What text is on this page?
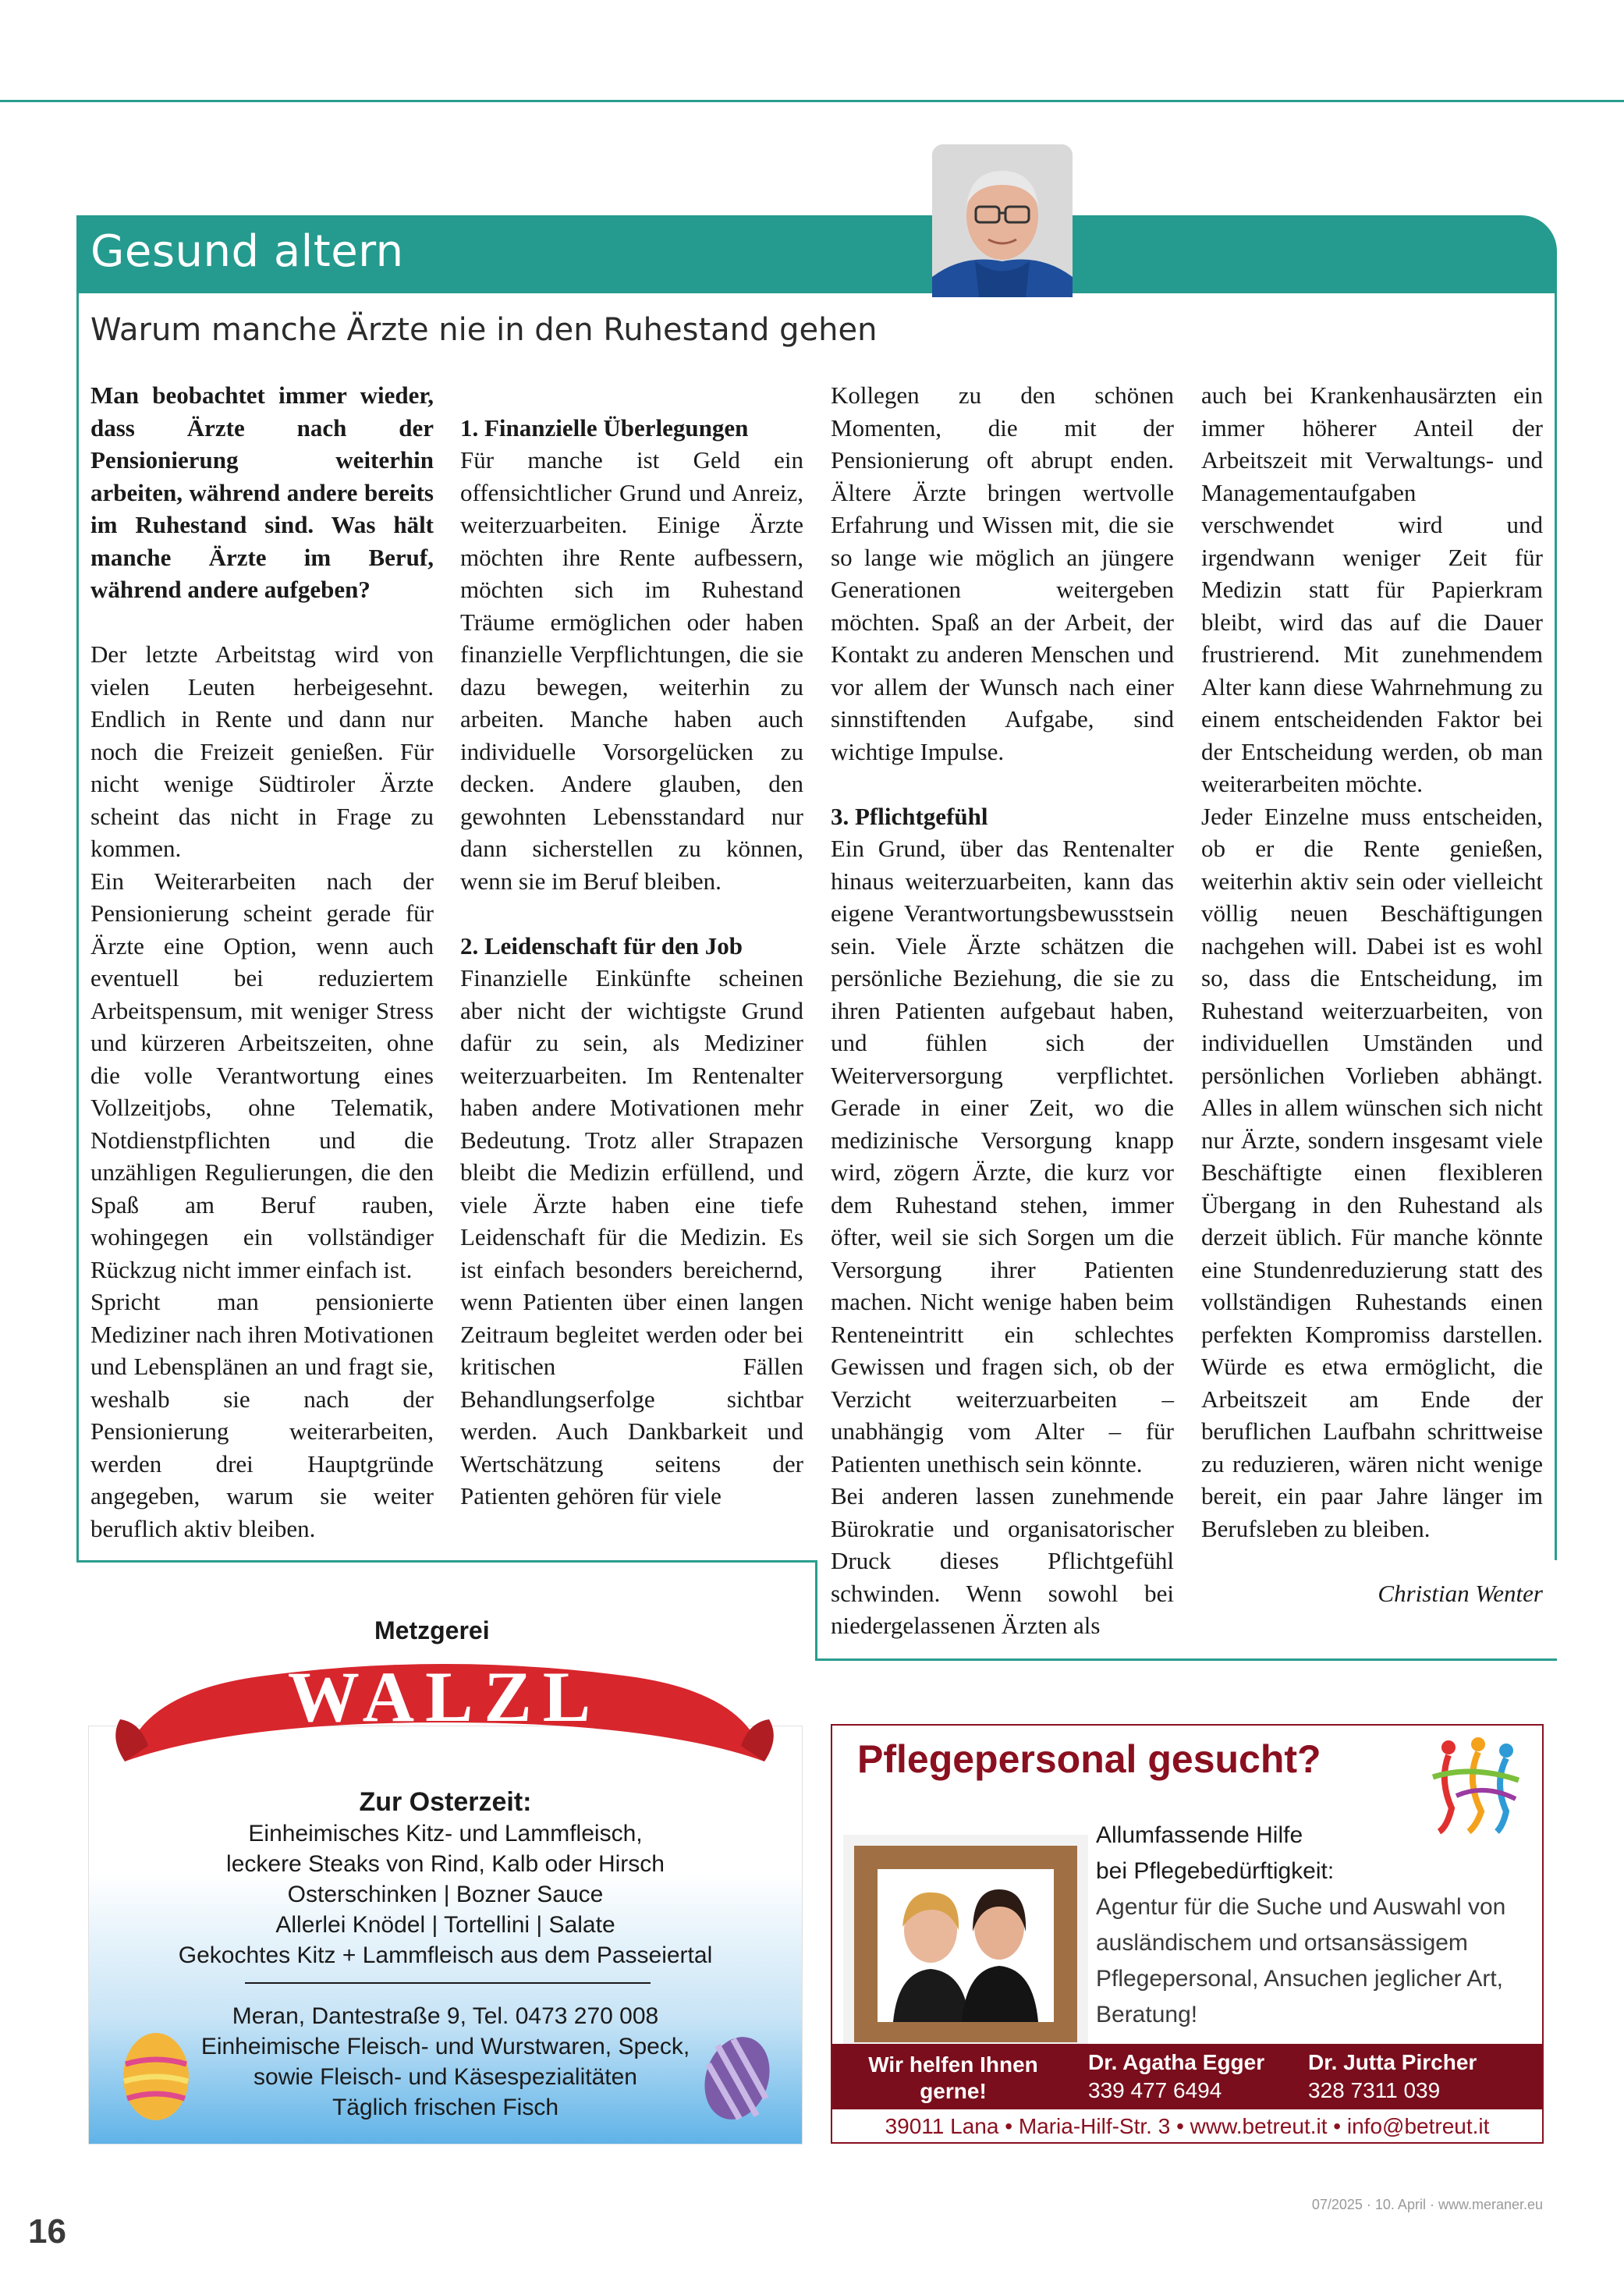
Gesund altern
Warum manche Ärzte nie in den Ruhestand gehen

Man beobachtet immer wieder, dass Ärzte nach der Pensionierung weiterhin arbeiten, während andere bereits im Ruhestand sind. Was hält manche Ärzte im Beruf, während andere aufgeben?

Der letzte Arbeitstag wird von vielen Leuten herbeigesehnt. Endlich in Rente und dann nur noch die Freizeit genießen. Für nicht wenige Südtiroler Ärzte scheint das nicht in Frage zu kommen.

Ein Weiterarbeiten nach der Pensionierung scheint gerade für Ärzte eine Option, wenn auch eventuell bei reduziertem Arbeitspensum, mit weniger Stress und kürzeren Arbeitszeiten, ohne die volle Verantwortung eines Vollzeitjobs, ohne Telematik, Notdienstpflichten und die unzähligen Regulierungen, die den Spaß am Beruf rauben, wohingegen ein vollständiger Rückzug nicht immer einfach ist.

Spricht man pensionierte Mediziner nach ihren Motivationen und Lebensplänen an und fragt sie, weshalb sie nach der Pensionierung weiterarbeiten, werden drei Hauptgründe angegeben, warum sie weiter beruflich aktiv bleiben.

1. Finanzielle Überlegungen

Für manche ist Geld ein offensichtlicher Grund und Anreiz, weiterzuarbeiten. Einige Ärzte möchten ihre Rente aufbessern, möchten sich im Ruhestand Träume ermöglichen oder haben finanzielle Verpflichtungen, die sie dazu bewegen, weiterhin zu arbeiten. Manche haben auch individuelle Vorsorgelücken zu decken. Andere glauben, den gewohnten Lebensstandard nur dann sicherstellen zu können, wenn sie im Beruf bleiben.

2. Leidenschaft für den Job

Finanzielle Einkünfte scheinen aber nicht der wichtigste Grund dafür zu sein, als Mediziner weiterzuarbeiten. Im Rentenalter haben andere Motivationen mehr Bedeutung. Trotz aller Strapazen bleibt die Medizin erfüllend, und viele Ärzte haben eine tiefe Leidenschaft für die Medizin. Es ist einfach besonders bereichernd, wenn Patienten über einen langen Zeitraum begleitet werden oder bei kritischen Fällen Behandlungserfolge sichtbar werden. Auch Dankbarkeit und Wertschätzung seitens der Patienten gehören für viele

Kollegen zu den schönen Momenten, die mit der Pensionierung oft abrupt enden. Ältere Ärzte bringen wertvolle Erfahrung und Wissen mit, die sie so lange wie möglich an jüngere Generationen weitergeben möchten. Spaß an der Arbeit, der Kontakt zu anderen Menschen und vor allem der Wunsch nach einer sinnstiftenden Aufgabe, sind wichtige Impulse.

3. Pflichtgefühl

Ein Grund, über das Rentenalter hinaus weiterzuarbeiten, kann das eigene Verantwortungsbewusstsein sein. Viele Ärzte schätzen die persönliche Beziehung, die sie zu ihren Patienten aufgebaut haben, und fühlen sich der Weiterversorgung verpflichtet. Gerade in einer Zeit, wo die medizinische Versorgung knapp wird, zögern Ärzte, die kurz vor dem Ruhestand stehen, immer öfter, weil sie sich Sorgen um die Versorgung ihrer Patienten machen. Nicht wenige haben beim Renteneintritt ein schlechtes Gewissen und fragen sich, ob der Verzicht weiterzuarbeiten – unabhängig vom Alter – für Patienten unethisch sein könnte.

Bei anderen lassen zunehmende Bürokratie und organisatorischer Druck dieses Pflichtgefühl schwinden. Wenn sowohl bei niedergelassenen Ärzten als

auch bei Krankenhausärzten ein immer höherer Anteil der Arbeitszeit mit Verwaltungs- und Managementaufgaben verschwendet wird und irgendwann weniger Zeit für Medizin statt für Papierkram bleibt, wird das auf die Dauer frustrierend. Mit zunehmendem Alter kann diese Wahrnehmung zu einem entscheidenden Faktor bei der Entscheidung werden, ob man weiterarbeiten möchte.

Jeder Einzelne muss entscheiden, ob er die Rente genießen, weiterhin aktiv sein oder vielleicht völlig neuen Beschäftigungen nachgehen will. Dabei ist es wohl so, dass die Entscheidung, im Ruhestand weiterzuarbeiten, von individuellen Umständen und persönlichen Vorlieben abhängt. Alles in allem wünschen sich nicht nur Ärzte, sondern insgesamt viele Beschäftigte einen flexibleren Übergang in den Ruhestand als derzeit üblich. Für manche könnte eine Stundenreduzierung statt des vollständigen Ruhestands einen perfekten Kompromiss darstellen. Würde es etwa ermöglicht, die Arbeitszeit am Ende der beruflichen Laufbahn schrittweise zu reduzieren, wären nicht wenige bereit, ein paar Jahre länger im Berufsleben zu bleiben.

Christian Wenter

Metzgerei
Zur Osterzeit:
Einheimisches Kitz- und Lammfleisch,
leckere Steaks von Rind, Kalb oder Hirsch
Osterschinken | Bozner Sauce
Allerlei Knödel | Tortellini | Salate
Gekochtes Kitz + Lammfleisch aus dem Passeiertal
Meran, Dantestraße 9, Tel. 0473 270 008
Einheimische Fleisch- und Wurstwaren, Speck,
sowie Fleisch- und Käsespezialitäten
Täglich frischen Fisch
WALZL
Pflegepersonal gesucht?
Allumfassende Hilfe
bei Pflegebedürftigkeit:
Agentur für die Suche und Auswahl von ausländischem und ortsansässigem Pflegepersonal, Ansuchen jeglicher Art, Beratung!
Wir helfen Ihnen gerne!
Dr. Agatha Egger
339 477 6494
Dr. Jutta Pircher
328 7311 039
39011 Lana • Maria-Hilf-Str. 3 • www.betreut.it • info@betreut.it
16
07/2025 · 10. April · www.meraner.eu
